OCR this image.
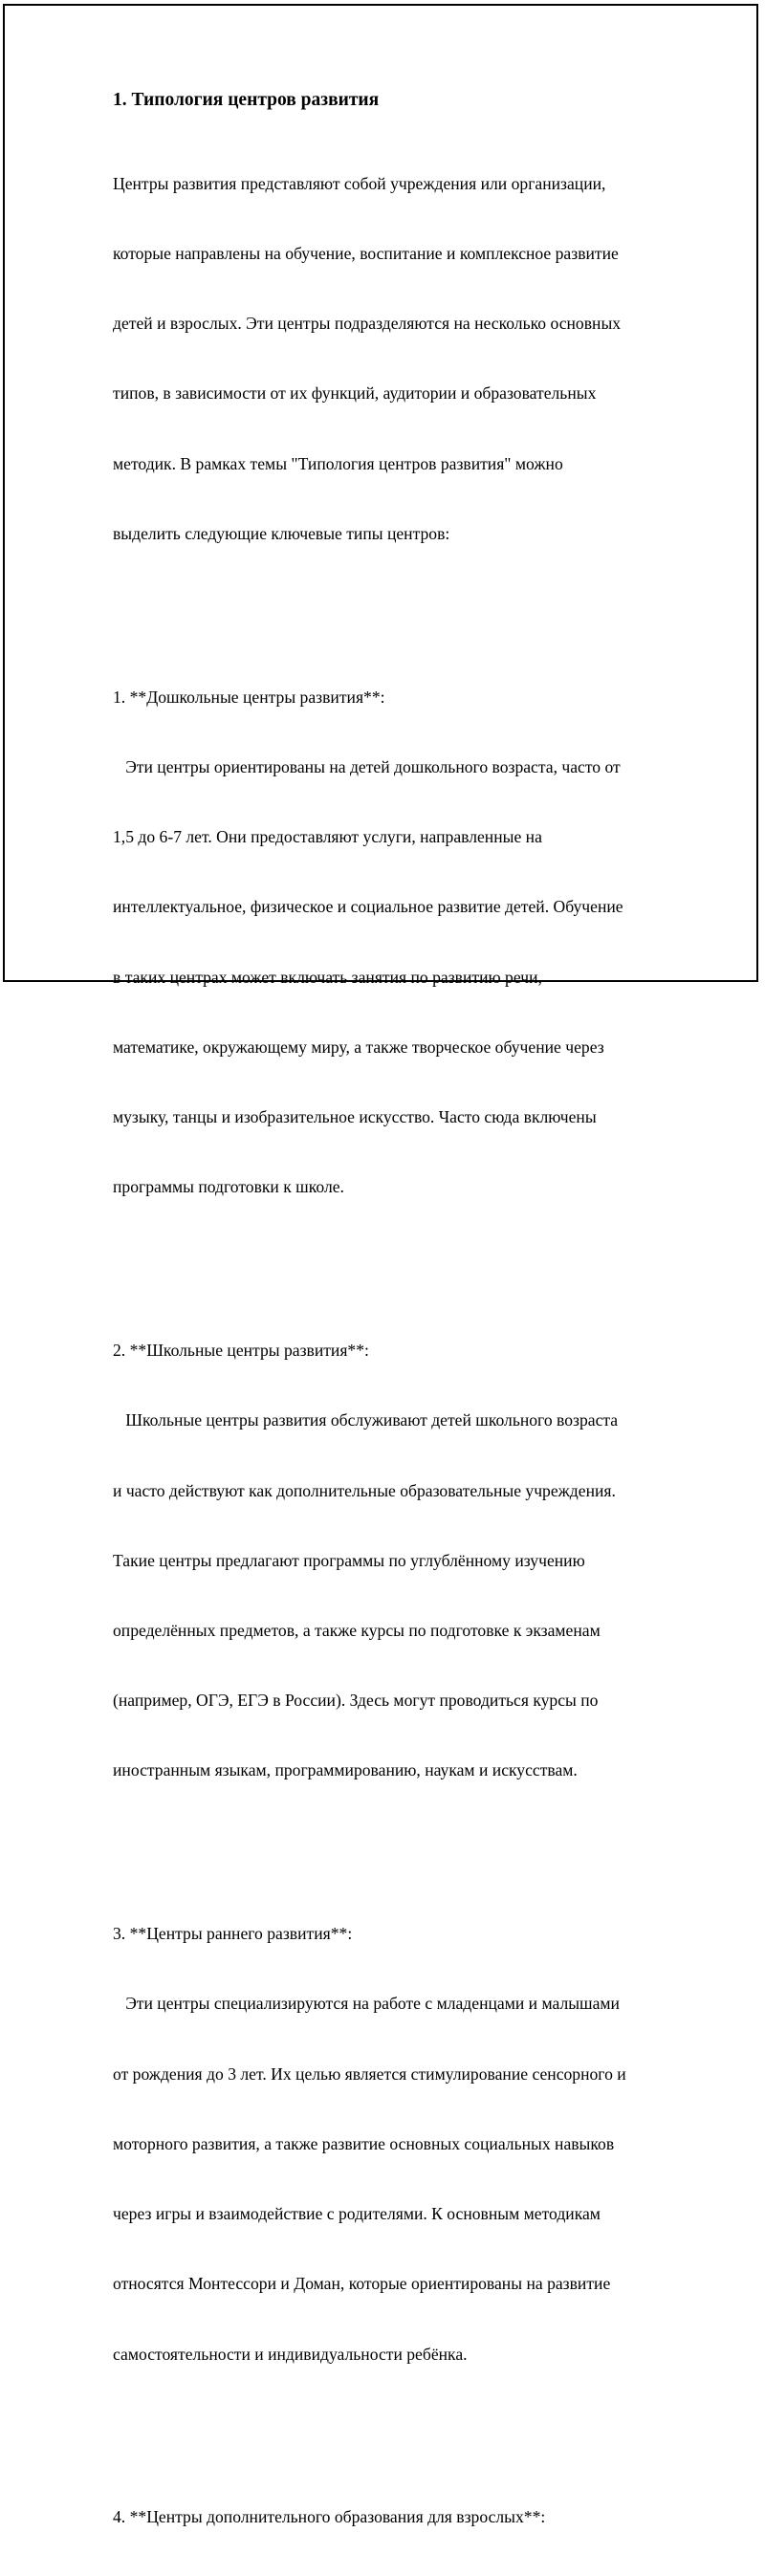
1. Типология центров развития

Центры развития представляют собой учреждения или организации,

которые направлены на обучение, воспитание и комплексное развитие

детей и взрослых. Эти центры подразделяются на несколько основных

типов, в зависимости от их функций, аудитории и образовательных

методик. В рамках темы "Типология центров развития" можно

выделить следующие ключевые типы центров:

1. **Дошкольные центры развития**:

Эти центры ориентированы на детей дошкольного возраста, часто от

1,5 до 6-7 лет. Они предоставляют услуги, направленные на

интеллектуальное, физическое и социальное развитие детей. Обучение

в таких центрах может включать занятия по развитию речи,

математике, окружающему миру, а также творческое обучение через

музыку, танцы и изобразительное искусство. Часто сюда включены

программы подготовки к школе.

2. **Школьные центры развития**:

Школьные центры развития обслуживают детей школьного возраста

и часто действуют как дополнительные образовательные учреждения.

Такие центры предлагают программы по углублённому изучению

определённых предметов, а также курсы по подготовке к экзаменам

(например, ОГЭ, ЕГЭ в России). Здесь могут проводиться курсы по

иностранным языкам, программированию, наукам и искусствам.

3. **Центры раннего развития**:

Эти центры специализируются на работе с младенцами и малышами

от рождения до 3 лет. Их целью является стимулирование сенсорного и

моторного развития, а также развитие основных социальных навыков

через игры и взаимодействие с родителями. К основным методикам

относятся Монтессори и Доман, которые ориентированы на развитие

самостоятельности и индивидуальности ребёнка.

4. **Центры дополнительного образования для взрослых**:
